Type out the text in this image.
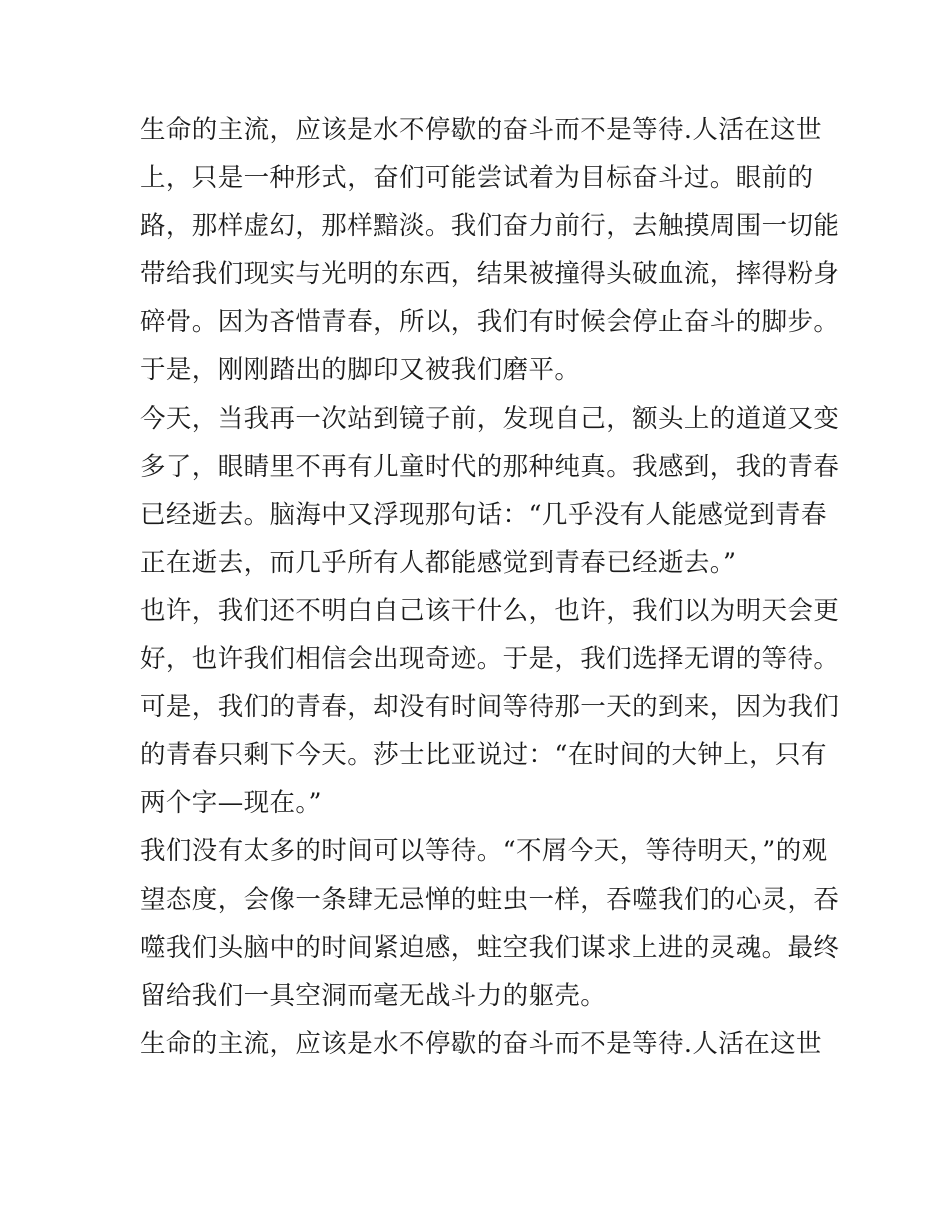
生命的主流，应该是水不停歇的奋斗而不是等待.人活在这世
上，只是一种形式，奋们可能尝试着为目标奋斗过。眼前的
路，那样虚幻，那样黯淡。我们奋力前行，去触摸周围一切能
带给我们现实与光明的东西，结果被撞得头破血流，摔得粉身
碎骨。因为吝惜青春，所以，我们有时候会停止奋斗的脚步。
于是，刚刚踏出的脚印又被我们磨平。
今天，当我再一次站到镜子前，发现自己，额头上的道道又变
多了，眼睛里不再有儿童时代的那种纯真。我感到，我的青春
已经逝去。脑海中又浮现那句话：“几乎没有人能感觉到青春
正在逝去，而几乎所有人都能感觉到青春已经逝去。”
也许，我们还不明白自己该干什么，也许，我们以为明天会更
好，也许我们相信会出现奇迹。于是，我们选择无谓的等待。
可是，我们的青春，却没有时间等待那一天的到来，因为我们
的青春只剩下今天。莎士比亚说过：“在时间的大钟上，只有
两个字—现在。”
我们没有太多的时间可以等待。“不屑今天，等待明天，”的观
望态度，会像一条肆无忌惮的蛀虫一样，吞噬我们的心灵，吞
噬我们头脑中的时间紧迫感，蛀空我们谋求上进的灵魂。最终
留给我们一具空洞而毫无战斗力的躯壳。
生命的主流，应该是水不停歇的奋斗而不是等待.人活在这世
